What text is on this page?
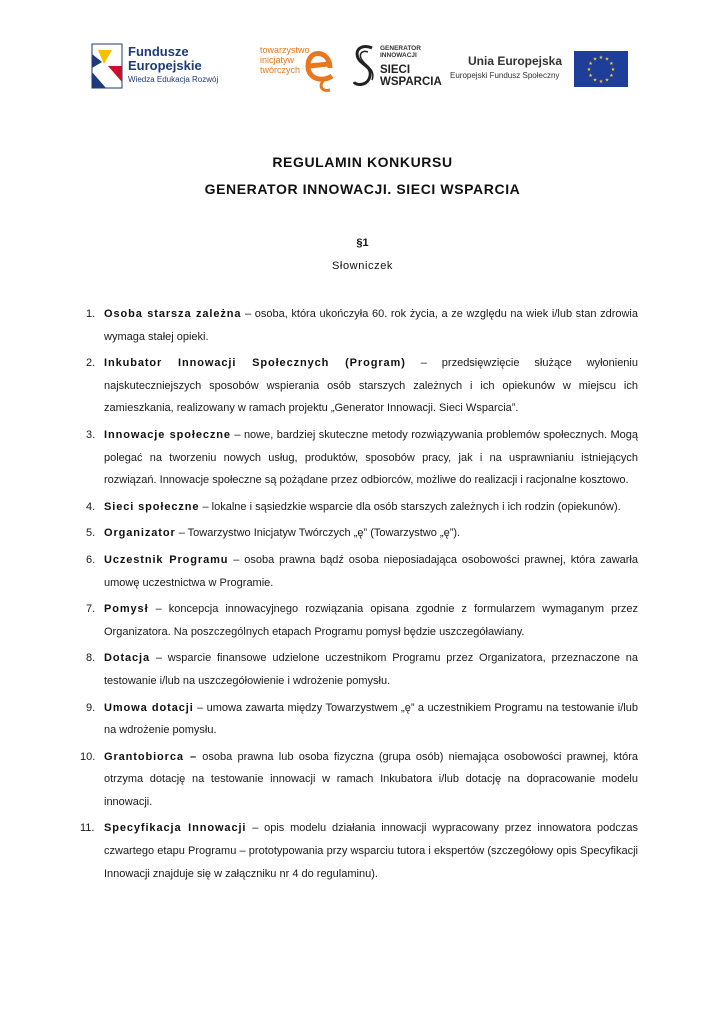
Fundusze
Europejskie
Wiedza Edukacja Rozwój
towarzystwo
inicjatyw
twórczych
GENERATOR
INNOWACJI
SIECI
WSPARCIA
Unia Europejska
Europejski Fundusz Społeczny
★ ★
★
★
★
★
★
★
★
★
★
★
REGULAMIN KONKURSU
GENERATOR INNOWACJI. SIECI WSPARCIA
§1
Słowniczek
1. Osoba starsza zależna – osoba, która ukończyła 60. rok życia, a ze względu na wiek i/lub stan zdrowia wymaga stałej opieki.
2. Inkubator Innowacji Społecznych (Program) – przedsięwzięcie służące wyłonieniu najskuteczniejszych sposobów wspierania osób starszych zależnych i ich opiekunów w miejscu ich zamieszkania, realizowany w ramach projektu „Generator Innowacji. Sieci Wsparcia”.
3. Innowacje społeczne – nowe, bardziej skuteczne metody rozwiązywania problemów społecznych. Mogą polegać na tworzeniu nowych usług, produktów, sposobów pracy, jak i na usprawnianiu istniejących rozwiązań. Innowacje społeczne są pożądane przez odbiorców, możliwe do realizacji i racjonalne kosztowo.
4. Sieci społeczne – lokalne i sąsiedzkie wsparcie dla osób starszych zależnych i ich rodzin (opiekunów).
5. Organizator – Towarzystwo Inicjatyw Twórczych „ę” (Towarzystwo „ę”).
6. Uczestnik Programu – osoba prawna bądź osoba nieposiadająca osobowości prawnej, która zawarła umowę uczestnictwa w Programie.
7. Pomysł – koncepcja innowacyjnego rozwiązania opisana zgodnie z formularzem wymaganym przez Organizatora. Na poszczególnych etapach Programu pomysł będzie uszczegóławiany.
8. Dotacja – wsparcie finansowe udzielone uczestnikom Programu przez Organizatora, przeznaczone na testowanie i/lub na uszczegółowienie i wdrożenie pomysłu.
9. Umowa dotacji – umowa zawarta między Towarzystwem „ę” a uczestnikiem Programu na testowanie i/lub na wdrożenie pomysłu.
10. Grantobiorca – osoba prawna lub osoba fizyczna (grupa osób) niemająca osobowości prawnej, która otrzyma dotację na testowanie innowacji w ramach Inkubatora i/lub dotację na dopracowanie modelu innowacji.
11. Specyfikacja Innowacji – opis modelu działania innowacji wypracowany przez innowatora podczas czwartego etapu Programu – prototypowania przy wsparciu tutora i ekspertów (szczegółowy opis Specyfikacji Innowacji znajduje się w załączniku nr 4 do regulaminu).
